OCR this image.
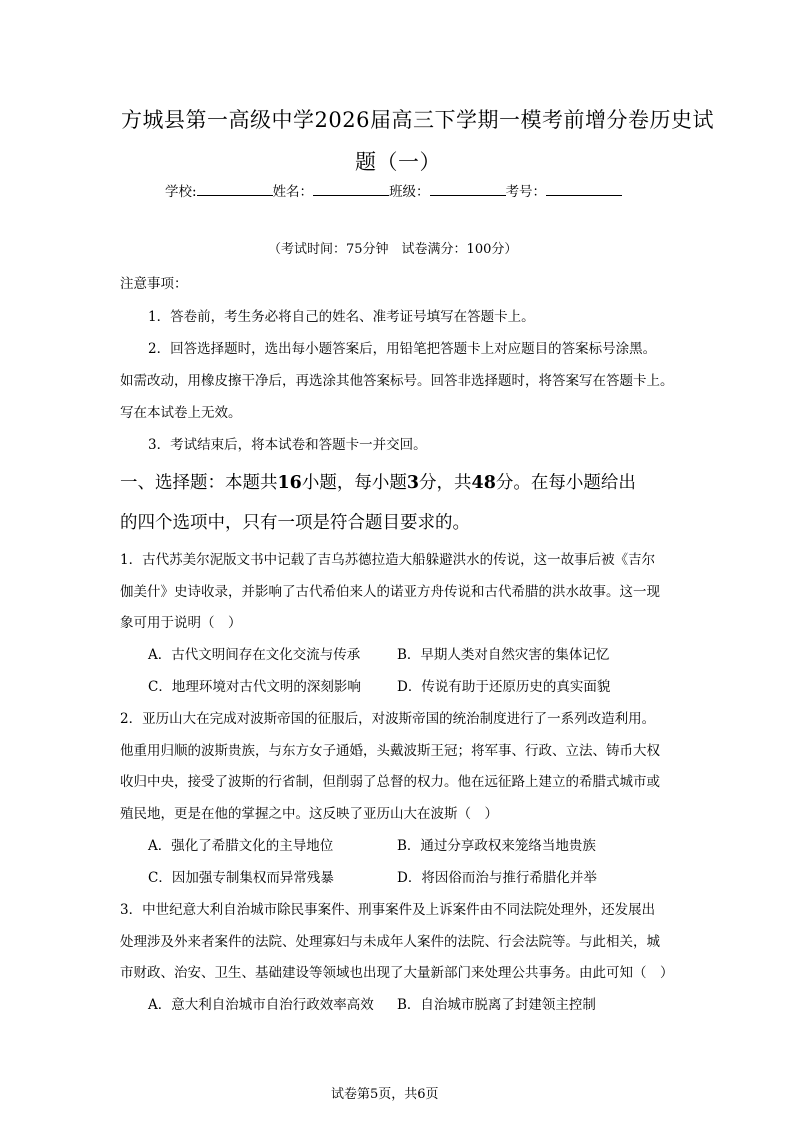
方城县第一高级中学2026届高三下学期一模考前增分卷历史试
题（一）
学校:	姓名：	班级：	考号：
（考试时间：75分钟　试卷满分：100分）
注意事项：
1．答卷前，考生务必将自己的姓名、准考证号填写在答题卡上。
2．回答选择题时，选出每小题答案后，用铅笔把答题卡上对应题目的答案标号涂黑。
如需改动，用橡皮擦干净后，再选涂其他答案标号。回答非选择题时，将答案写在答题卡上。
写在本试卷上无效。
3．考试结束后，将本试卷和答题卡一并交回。
一、选择题：本题共16小题，每小题3分，共48分。在每小题给出
的四个选项中，只有一项是符合题目要求的。
1．古代苏美尔泥版文书中记载了吉乌苏德拉造大船躲避洪水的传说，这一故事后被《吉尔
伽美什》史诗收录，并影响了古代希伯来人的诺亚方舟传说和古代希腊的洪水故事。这一现
象可用于说明（　）
A．古代文明间存在文化交流与传承	B．早期人类对自然灾害的集体记忆
C．地理环境对古代文明的深刻影响	D．传说有助于还原历史的真实面貌
2．亚历山大在完成对波斯帝国的征服后，对波斯帝国的统治制度进行了一系列改造利用。
他重用归顺的波斯贵族，与东方女子通婚，头戴波斯王冠；将军事、行政、立法、铸币大权
收归中央，接受了波斯的行省制，但削弱了总督的权力。他在远征路上建立的希腊式城市或
殖民地，更是在他的掌握之中。这反映了亚历山大在波斯（　）
A．强化了希腊文化的主导地位	B．通过分享政权来笼络当地贵族
C．因加强专制集权而异常残暴	D．将因俗而治与推行希腊化并举
3．中世纪意大利自治城市除民事案件、刑事案件及上诉案件由不同法院处理外，还发展出
处理涉及外来者案件的法院、处理寡妇与未成年人案件的法院、行会法院等。与此相关，城
市财政、治安、卫生、基础建设等领域也出现了大量新部门来处理公共事务。由此可知（　）
A．意大利自治城市自治行政效率高效 B．自治城市脱离了封建领主控制
试卷第5页，共6页
